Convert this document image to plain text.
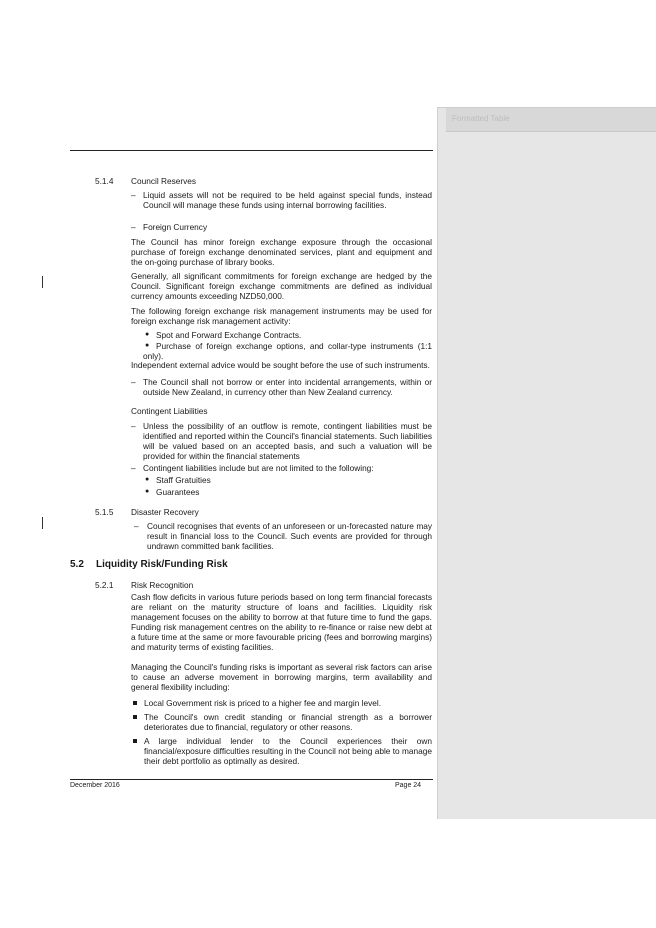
Formatted Table
5.1.4 Council Reserves
– Liquid assets will not be required to be held against special funds, instead Council will manage these funds using internal borrowing facilities.
– Foreign Currency
The Council has minor foreign exchange exposure through the occasional purchase of foreign exchange denominated services, plant and equipment and the on-going purchase of library books.
Generally, all significant commitments for foreign exchange are hedged by the Council. Significant foreign exchange commitments are defined as individual currency amounts exceeding NZD50,000.
The following foreign exchange risk management instruments may be used for foreign exchange risk management activity:
● Spot and Forward Exchange Contracts.
● Purchase of foreign exchange options, and collar-type instruments (1:1 only).
Independent external advice would be sought before the use of such instruments.
– The Council shall not borrow or enter into incidental arrangements, within or outside New Zealand, in currency other than New Zealand currency.
Contingent Liabilities
– Unless the possibility of an outflow is remote, contingent liabilities must be identified and reported within the Council's financial statements. Such liabilities will be valued based on an accepted basis, and such a valuation will be provided for within the financial statements
– Contingent liabilities include but are not limited to the following:
● Staff Gratuities
● Guarantees
5.1.5 Disaster Recovery
– Council recognises that events of an unforeseen or un-forecasted nature may result in financial loss to the Council. Such events are provided for through undrawn committed bank facilities.
5.2 Liquidity Risk/Funding Risk
5.2.1 Risk Recognition
Cash flow deficits in various future periods based on long term financial forecasts are reliant on the maturity structure of loans and facilities. Liquidity risk management focuses on the ability to borrow at that future time to fund the gaps. Funding risk management centres on the ability to re-finance or raise new debt at a future time at the same or more favourable pricing (fees and borrowing margins) and maturity terms of existing facilities.
Managing the Council's funding risks is important as several risk factors can arise to cause an adverse movement in borrowing margins, term availability and general flexibility including:
Local Government risk is priced to a higher fee and margin level.
The Council's own credit standing or financial strength as a borrower deteriorates due to financial, regulatory or other reasons.
A large individual lender to the Council experiences their own financial/exposure difficulties resulting in the Council not being able to manage their debt portfolio as optimally as desired.
December 2016	Page 24
